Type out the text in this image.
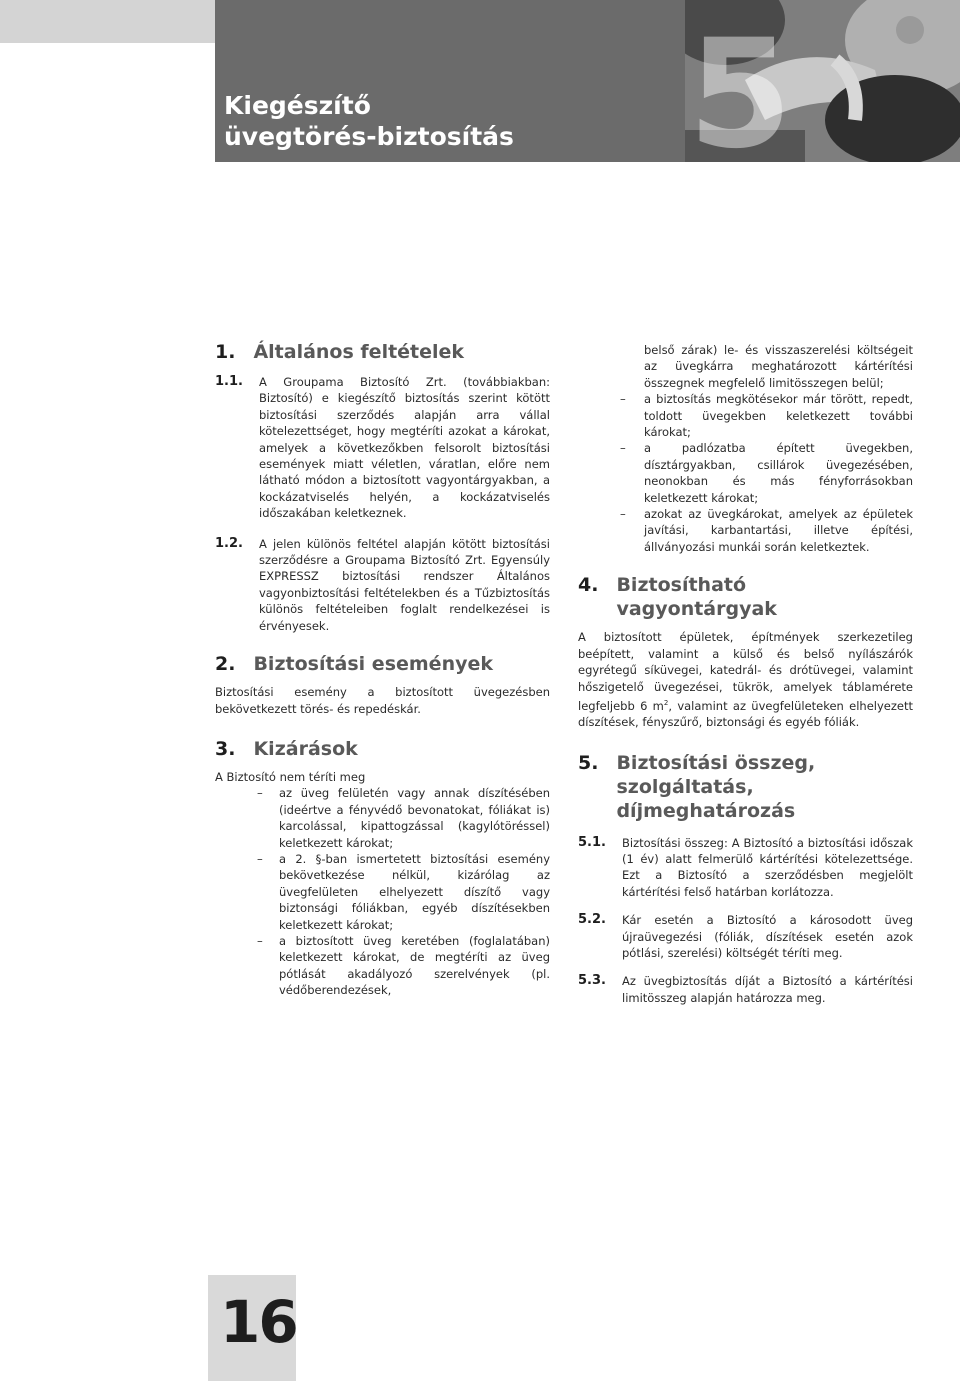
Kiegészítő
üvegtörés-biztosítás 5
1. Általános feltételek
1.1.	A Groupama Biztosító Zrt. (továbbiakban: Biztosító) e kiegészítő biztosítás szerint kötött biztosítási szerződés alapján arra vállal kötelezettséget, hogy megtéríti azokat a károkat, amelyek a következőkben felsorolt biztosítási események miatt véletlen, váratlan, előre nem látható módon a biztosított vagyontárgyakban, a kockázatviselés helyén, a kockázatviselés időszakában keletkeznek.
1.2.	A jelen különös feltétel alapján kötött biztosítási szerződésre a Groupama Biztosító Zrt. Egyensúly EXPRESSZ biztosítási rendszer Általános vagyonbiztosítási feltételekben és a Tűzbiztosítás különös feltételeiben foglalt rendelkezései is érvényesek.
2. Biztosítási események

Biztosítási esemény a biztosított üvegezésben bekövetkezett törés- és repedéskár.

3. Kizárások

A Biztosító nem téríti meg

–	az üveg felületén vagy annak díszítésében (ideértve a fényvédő bevonatokat, fóliákat is) karcolással, kipattogzással (kagylótöréssel) keletkezett károkat;
–	a 2. §-ban ismertetett biztosítási esemény bekövetkezése nélkül, kizárólag az üvegfelületen elhelyezett díszítő vagy biztonsági fóliákban, egyéb díszítésekben keletkezett károkat;
–	a biztosított üveg keretében (foglalatában) keletkezett károkat, de megtéríti az üveg pótlását akadályozó szerelvények (pl. védőberendezések,

belső zárak) le- és visszaszerelési költségeit az üvegkárra meghatározott kártérítési összegnek megfelelő limitösszegen belül;

–	a biztosítás megkötésekor már törött, repedt, toldott üvegekben keletkezett további károkat;
–	a padlózatba épített üvegekben, dísztárgyakban, csillárok üvegezésében, neonokban és más fényforrásokban keletkezett károkat;
–	azokat az üvegkárokat, amelyek az épületek javítási, karbantartási, illetve építési, állványozási munkái során keletkeztek.
4. Biztosítható vagyontárgyak

A biztosított épületek, építmények szerkezetileg beépített, valamint a külső és belső nyílászárók egyrétegű síküvegei, katedrál- és drótüvegei, valamint hőszigetelő üvegezései, tükrök, amelyek táblamérete legfeljebb 6 $m^2$, valamint az üvegfelületeken elhelyezett díszítések, fényszűrő, biztonsági és egyéb fóliák.

5. Biztosítási összeg, szolgáltatás,
díjmeghatározás
5.1.	Biztosítási összeg: A Biztosító a biztosítási időszak (1 év) alatt felmerülő kártérítési kötelezettsége. Ezt a Biztosító a szerződésben megjelölt kártérítési felső határban korlátozza.
5.2.	Kár esetén a Biztosító a károsodott üveg újraüvegezési (fóliák, díszítések esetén azok pótlási, szerelési) költségét téríti meg.
5.3.	Az üvegbiztosítás díját a Biztosító a kártérítési limitösszeg alapján határozza meg.
16
